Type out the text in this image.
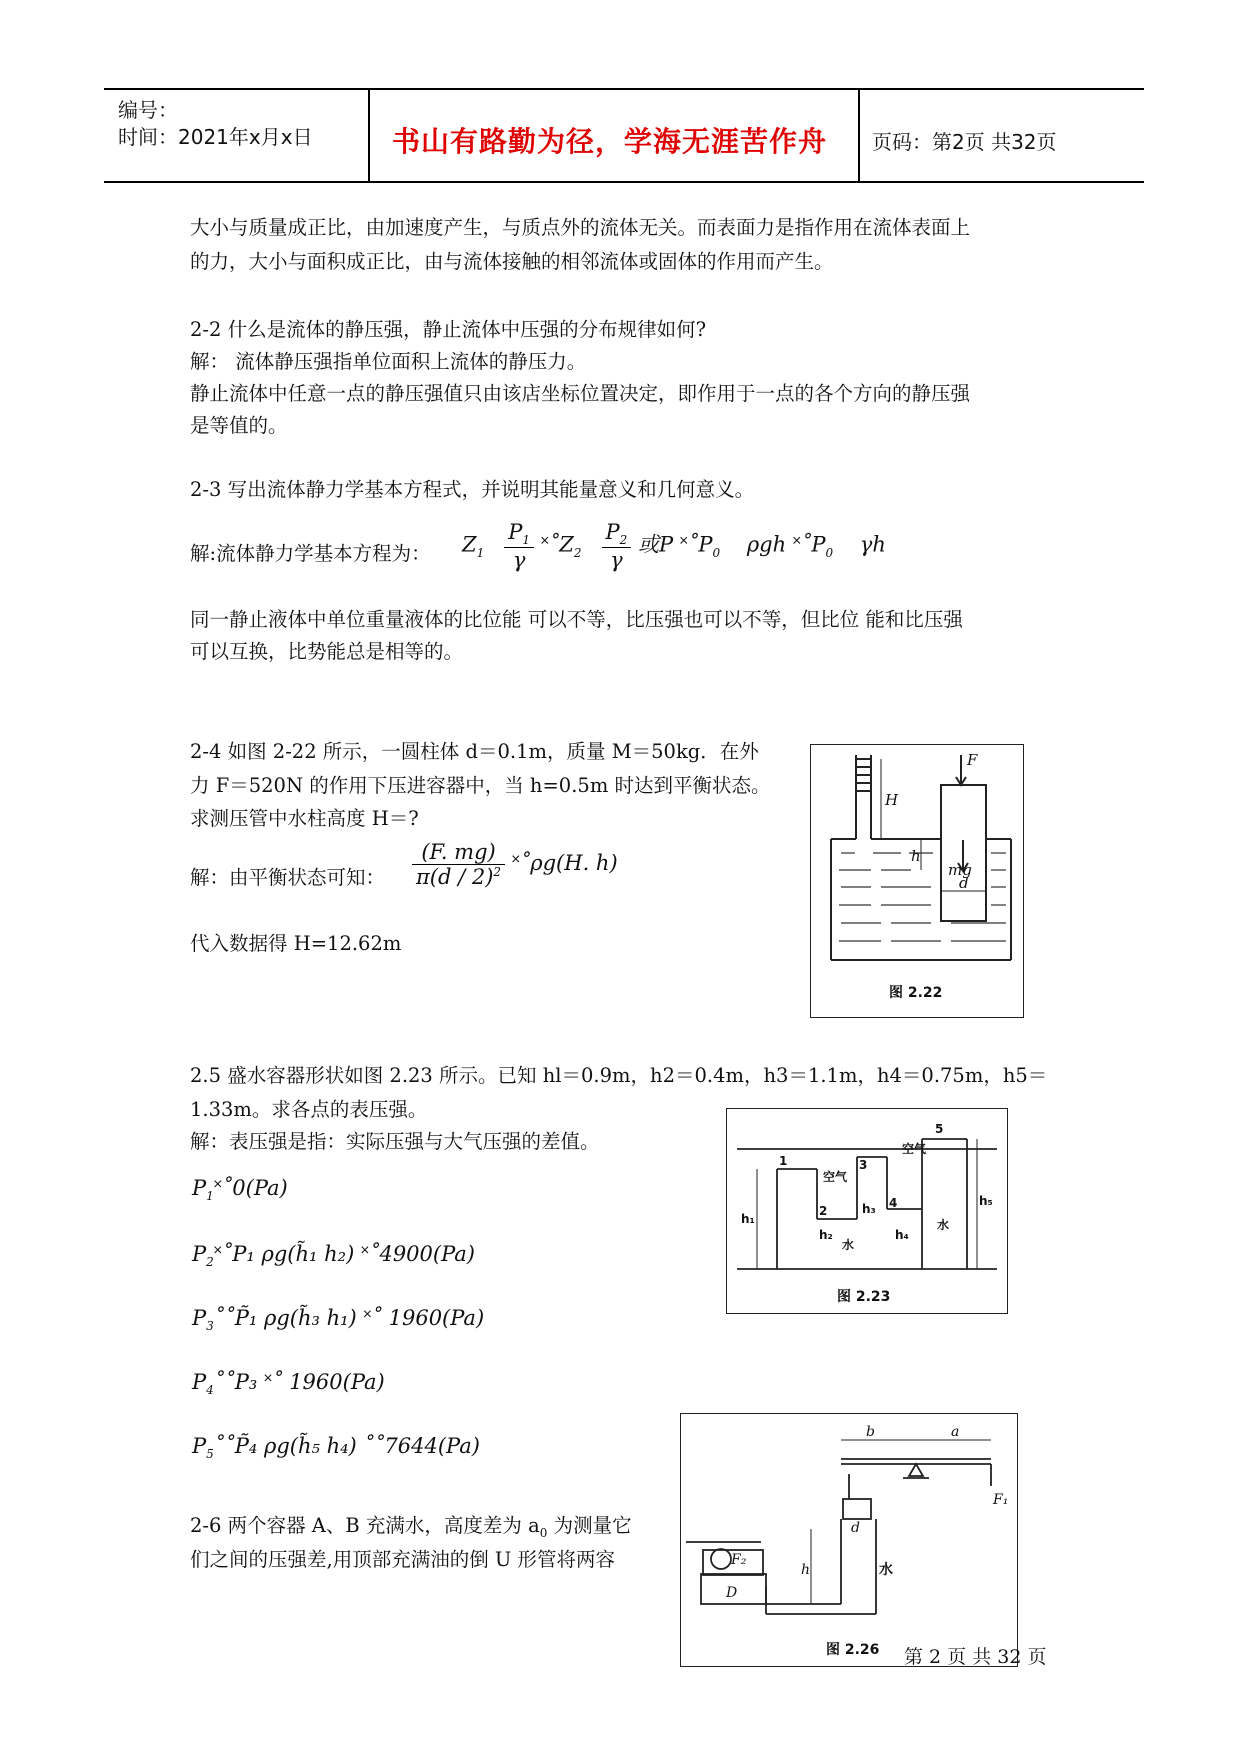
编号：
时间：2021年x月x日	书山有路勤为径，学海无涯苦作舟 页码：第2页 共32页
大小与质量成正比，由加速度产生，与质点外的流体无关。而表面力是指作用在流体表面上
的力，大小与面积成正比，由与流体接触的相邻流体或固体的作用而产生。
2-2 什么是流体的静压强，静止流体中压强的分布规律如何?
解： 流体静压强指单位面积上流体的静压力。
静止流体中任意一点的静压强值只由该店坐标位置决定，即作用于一点的各个方向的静压强
是等值的。
2-3 写出流体静力学基本方程式，并说明其能量意义和几何意义。
解:流体静力学基本方程为： $Z_1 \frac{P_1}{\gamma}$ $˟˚Z_2 \frac{P_2}{\gamma}$ 或P $˟˚P_0$ ρgh $˟˚P_0$ γh
同一静止液体中单位重量液体的比位能 可以不等，比压强也可以不等，但比位 能和比压强
可以互换，比势能总是相等的。
2-4 如图 2-22 所示，一圆柱体 d＝0.1m，质量 M＝50kg．在外
力 F＝520N 的作用下压进容器中，当 h=0.5m 时达到平衡状态。
求测压管中水柱高度 H＝?
解：由平衡状态可知： $\frac{(F. mg)}{\pi(d / 2)^2}$ ˟˚ρg(H. h)
代入数据得 H=12.62m
2.5 盛水容器形状如图 2.23 所示。已知 hl＝0.9m，h2＝0.4m，h3＝1.1m，h4＝0.75m，h5＝
1.33m。求各点的表压强。
解：表压强是指：实际压强与大气压强的差值。
$P_1˟˚0(Pa)$
$P_2˟˚P_1$ ρg(h̃₁ h₂) ˟˚4900(Pa)
$P_3˚˚P̃_1$ ρg(h̃₃ h₁) ˟˚ 1960(Pa)
$P_4˚˚P_3$ ˟˚ 1960(Pa)
$P_5˚˚P̃_4$ ρg(h̃₅ h₄) ˚˚7644(Pa)
2-6 两个容器 A、B 充满水，高度差为 $a_0$ 为测量它
们之间的压强差,用顶部充满油的倒 U 形管将两容
F
H
h
mg
d
图 2.22
空气
空气
水
水
1
2
3
4
5
h₁
h₂
h₃
h₄
h₅
图 2.23
b	a
F₁
F₂
d
h
D
水
图 2.26 第 2 页 共 32 页
